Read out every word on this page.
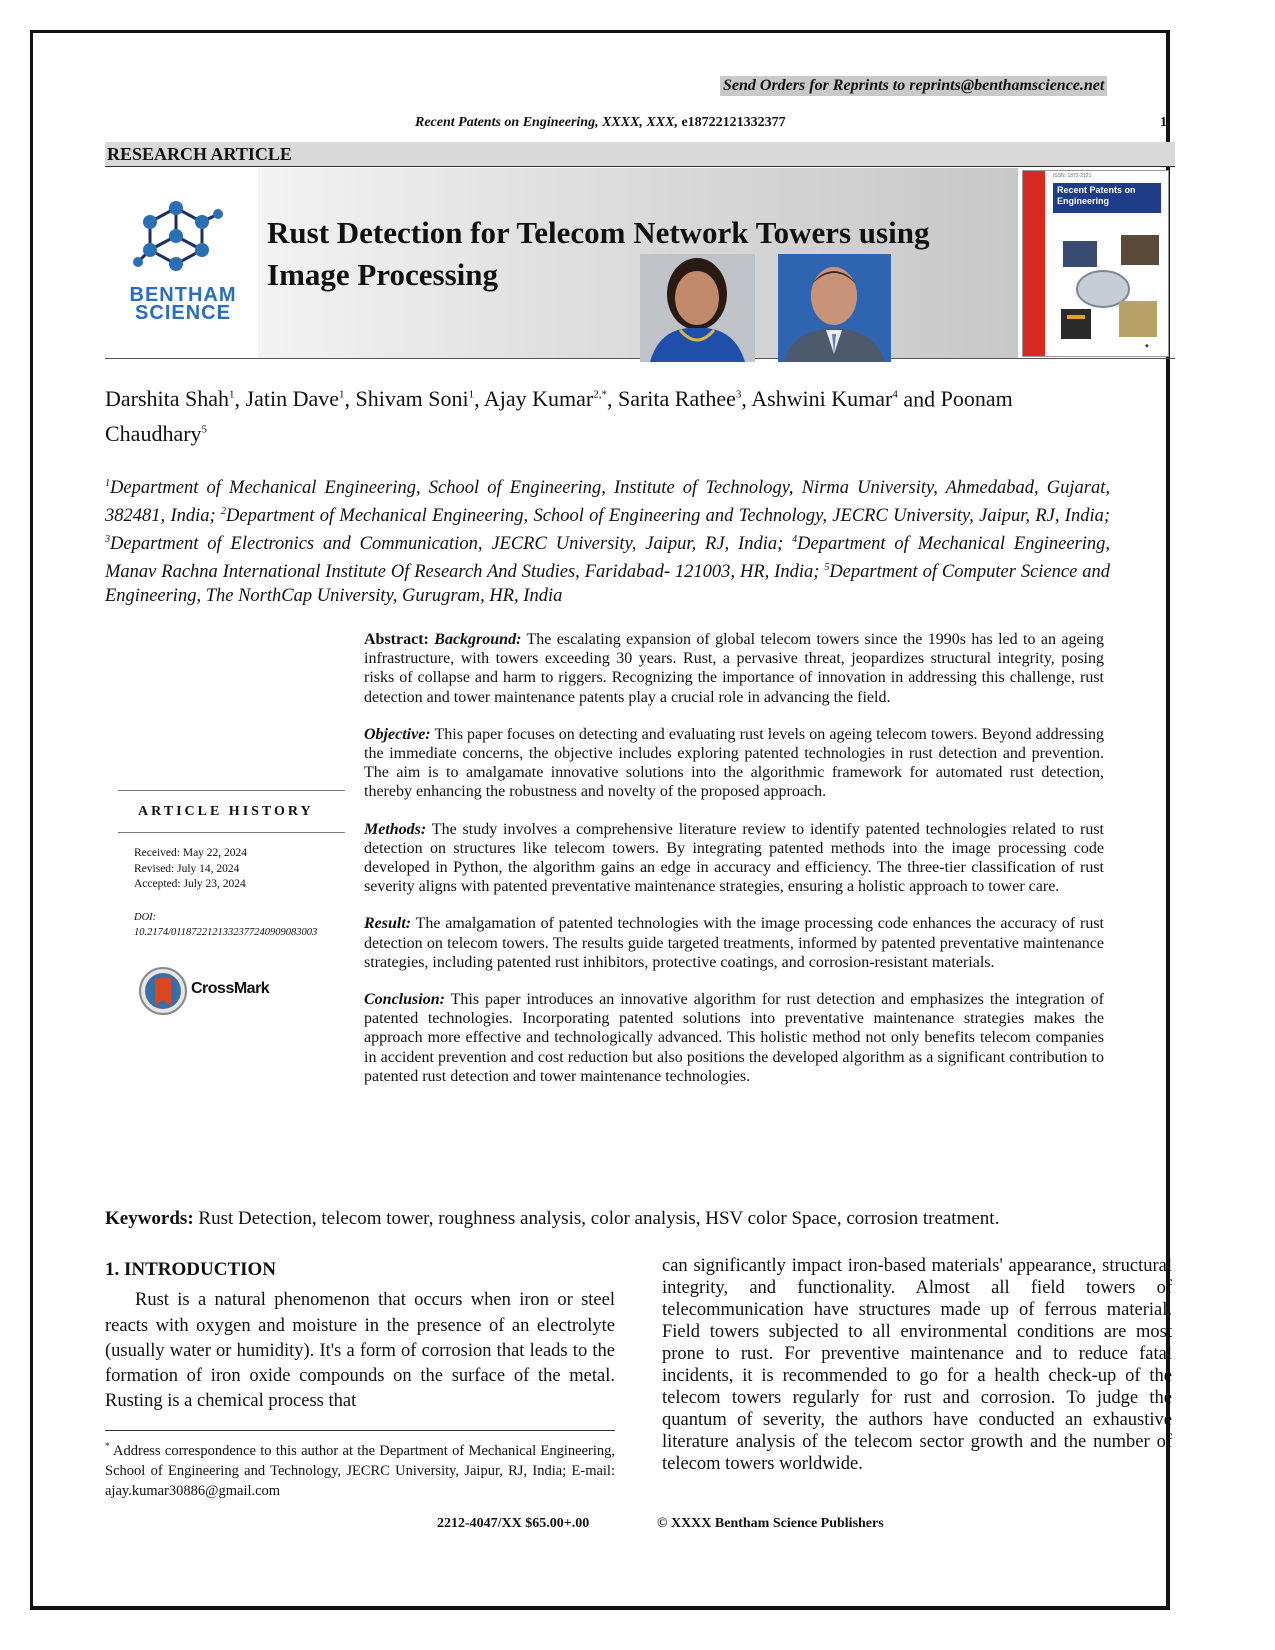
Send Orders for Reprints to reprints@benthamscience.net
Recent Patents on Engineering, XXXX, XXX, e18722121332377	1
RESEARCH ARTICLE
BENTHAM
SCIENCE
Rust Detection for Telecom Network Towers using Image Processing
ISSN: 1872-2121
Recent Patents on
Engineering
◆
Darshita Shah$^1$, Jatin Dave$^1$, Shivam Soni$^1$, Ajay Kumar$^{2,*}$, Sarita Rathee$^3$, Ashwini Kumar$^4$ and Poonam Chaudhary$^5$
$^1$Department of Mechanical Engineering, School of Engineering, Institute of Technology, Nirma University, Ahmedabad, Gujarat, 382481, India; $^2$Department of Mechanical Engineering, School of Engineering and Technology, JECRC University, Jaipur, RJ, India; $^3$Department of Electronics and Communication, JECRC University, Jaipur, RJ, India; $^4$Department of Mechanical Engineering, Manav Rachna International Institute Of Research And Studies, Faridabad- 121003, HR, India; $^5$Department of Computer Science and Engineering, The NorthCap University, Gurugram, HR, India
ARTICLE HISTORY
Received: May 22, 2024
Revised: July 14, 2024
Accepted: July 23, 2024
DOI:
10.2174/0118722121332377240909083003
CrossMark

Abstract: Background: The escalating expansion of global telecom towers since the 1990s has led to an ageing infrastructure, with towers exceeding 30 years. Rust, a pervasive threat, jeopardizes structural integrity, posing risks of collapse and harm to riggers. Recognizing the importance of innovation in addressing this challenge, rust detection and tower maintenance patents play a crucial role in advancing the field.

Objective: This paper focuses on detecting and evaluating rust levels on ageing telecom towers. Beyond addressing the immediate concerns, the objective includes exploring patented technologies in rust detection and prevention. The aim is to amalgamate innovative solutions into the algorithmic framework for automated rust detection, thereby enhancing the robustness and novelty of the proposed approach.

Methods: The study involves a comprehensive literature review to identify patented technologies related to rust detection on structures like telecom towers. By integrating patented methods into the image processing code developed in Python, the algorithm gains an edge in accuracy and efficiency. The three-tier classification of rust severity aligns with patented preventative maintenance strategies, ensuring a holistic approach to tower care.

Result: The amalgamation of patented technologies with the image processing code enhances the accuracy of rust detection on telecom towers. The results guide targeted treatments, informed by patented preventative maintenance strategies, including patented rust inhibitors, protective coatings, and corrosion-resistant materials.

Conclusion: This paper introduces an innovative algorithm for rust detection and emphasizes the integration of patented technologies. Incorporating patented solutions into preventative maintenance strategies makes the approach more effective and technologically advanced. This holistic method not only benefits telecom companies in accident prevention and cost reduction but also positions the developed algorithm as a significant contribution to patented rust detection and tower maintenance technologies.

Keywords: Rust Detection, telecom tower, roughness analysis, color analysis, HSV color Space, corrosion treatment.
1. INTRODUCTION

Rust is a natural phenomenon that occurs when iron or steel reacts with oxygen and moisture in the presence of an electrolyte (usually water or humidity). It's a form of corrosion that leads to the formation of iron oxide compounds on the surface of the metal. Rusting is a chemical process that

can significantly impact iron-based materials' appearance, structural integrity, and functionality. Almost all field towers of telecommunication have structures made up of ferrous material. Field towers subjected to all environmental conditions are most prone to rust. For preventive maintenance and to reduce fatal incidents, it is recommended to go for a health check-up of the telecom towers regularly for rust and corrosion. To judge the quantum of severity, the authors have conducted an exhaustive literature analysis of the telecom sector growth and the number of telecom towers worldwide.

* Address correspondence to this author at the Department of Mechanical Engineering, School of Engineering and Technology, JECRC University, Jaipur, RJ, India; E-mail: ajay.kumar30886@gmail.com
2212-4047/XX $65.00+.00	© XXXX Bentham Science Publishers
